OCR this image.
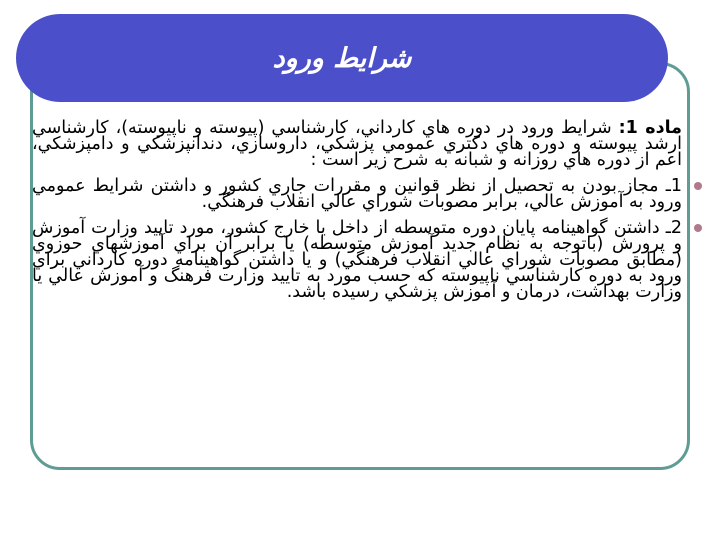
شرايط ورود

ماده 1: شرايط ورود در دوره هاي كارداني، كارشناسي (پيوسته و ناپيوسته)، كارشناسي ارشد پيوسته و دوره هاي دكتري عمومي پزشكي، داروسازي، دندانپزشكي و دامپزشكي، اعم از دوره هاي روزانه و شبانه به شرح زير است :

1ـ مجاز بودن به تحصيل از نظر قوانين و مقررات جاري كشور و داشتن شرايط عمومي ورود به آموزش عالي، برابر مصوبات شوراي عالي انقلاب فرهنگي.
2ـ داشتن گواهينامه پايان دوره متوسطه از داخل يا خارج كشور، مورد تاييد وزارت آموزش و پرورش (باتوجه به نظام جديد آموزش متوسطه) يا برابر آن براي آموزشهاي حوزوي (مطابق مصوبات شوراي عالي انقلاب فرهنگي) و يا داشتن گواهينامه دوره كارداني براي ورود به دوره كارشناسي ناپيوسته كه حسب مورد به تاييد وزارت فرهنگ و آموزش عالي يا وزارت بهداشت، درمان و آموزش پزشكي رسيده باشد.
